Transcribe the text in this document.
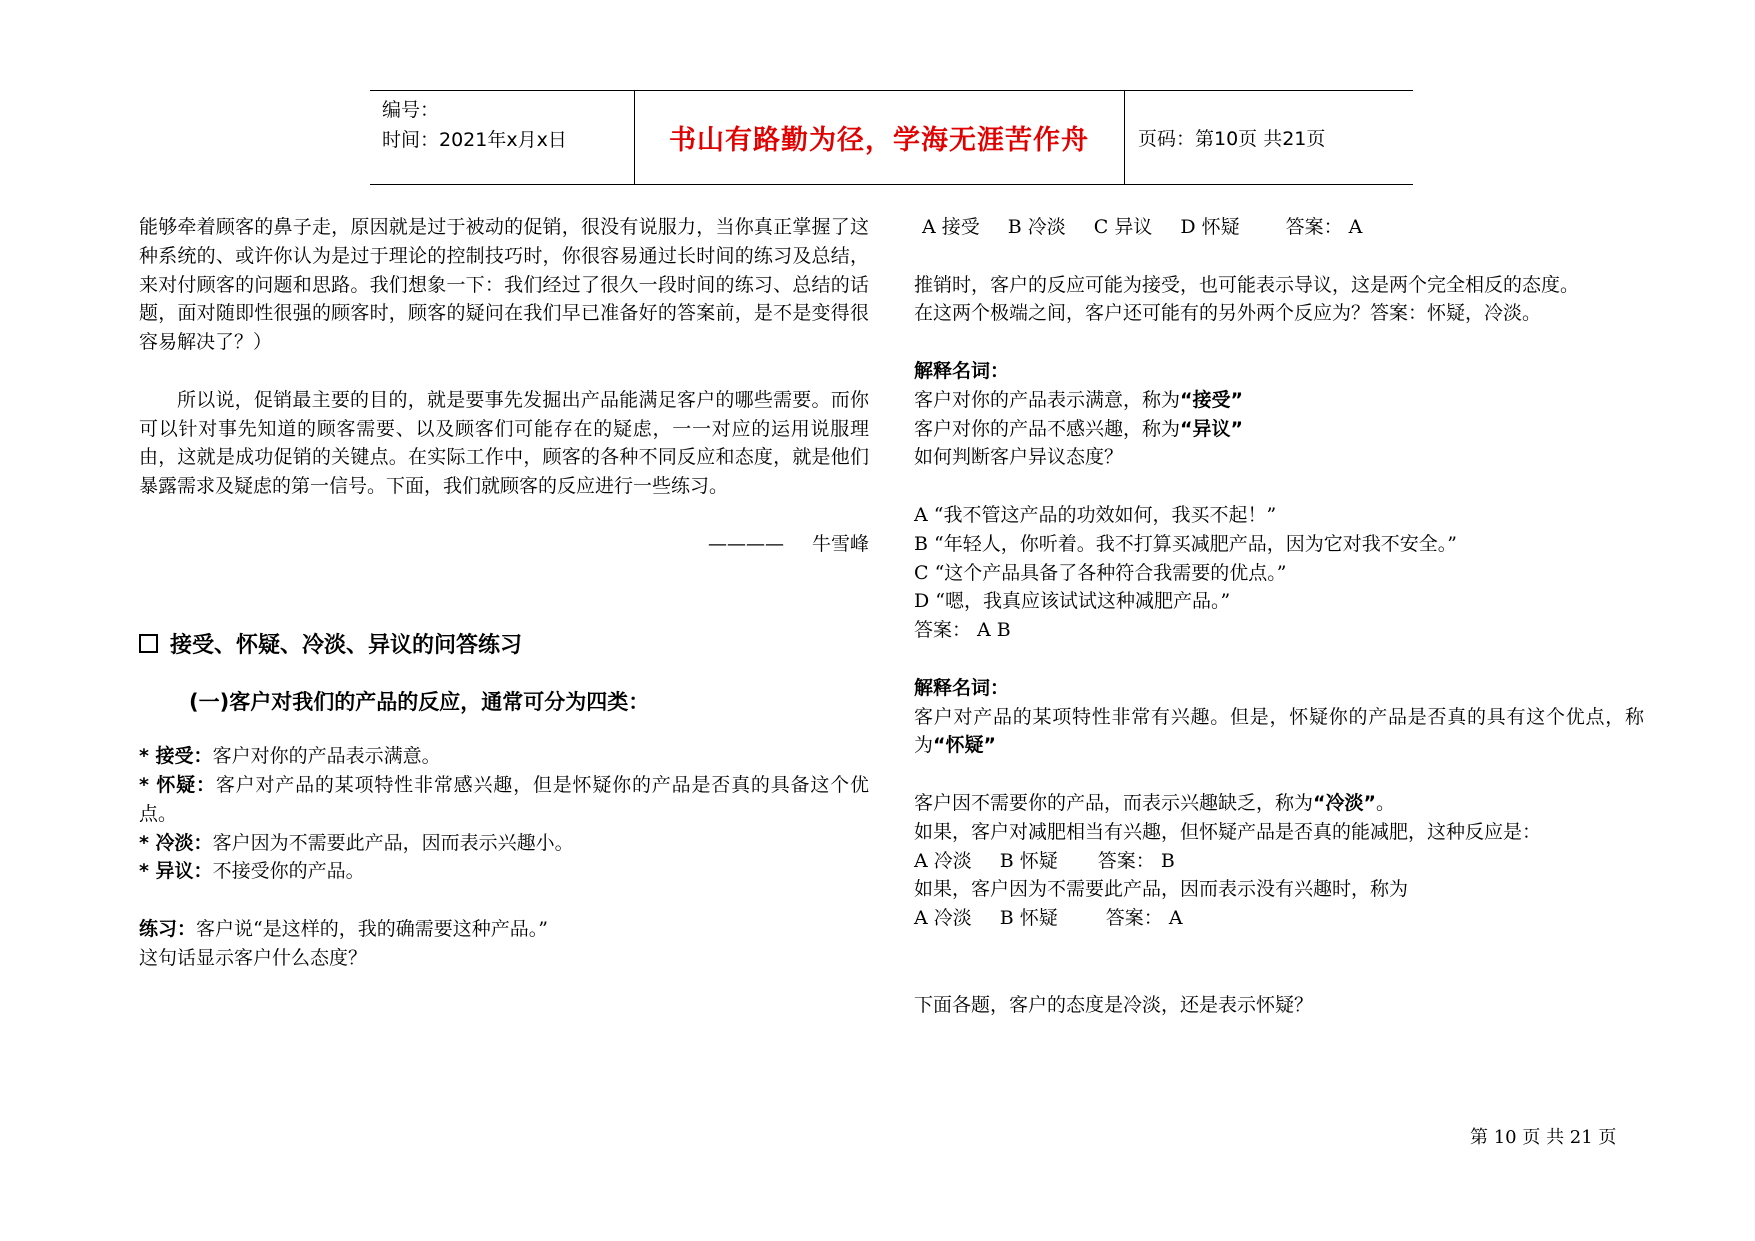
编号：
时间：2021年x月x日	书山有路勤为径，学海无涯苦作舟	页码：第10页 共21页

能够牵着顾客的鼻子走，原因就是过于被动的促销，很没有说服力，当你真正掌握了这种系统的、或许你认为是过于理论的控制技巧时，你很容易通过长时间的练习及总结，来对付顾客的问题和思路。我们想象一下：我们经过了很久一段时间的练习、总结的话题，面对随即性很强的顾客时，顾客的疑问在我们早已准备好的答案前，是不是变得很容易解决了？）

所以说，促销最主要的目的，就是要事先发掘出产品能满足客户的哪些需要。而你可以针对事先知道的顾客需要、以及顾客们可能存在的疑虑，一一对应的运用说服理由，这就是成功促销的关键点。在实际工作中，顾客的各种不同反应和态度，就是他们暴露需求及疑虑的第一信号。下面，我们就顾客的反应进行一些练习。

———— 牛雪峰

接受、怀疑、冷淡、异议的问答练习

(一)客户对我们的产品的反应，通常可分为四类：

* 接受：客户对你的产品表示满意。

* 怀疑：客户对产品的某项特性非常感兴趣，但是怀疑你的产品是否真的具备这个优点。

* 冷淡：客户因为不需要此产品，因而表示兴趣小。

* 异议：不接受你的产品。

练习：客户说“是这样的，我的确需要这种产品。”

这句话显示客户什么态度？

A 接受 B 冷淡 C 异议 D 怀疑 答案： A

推销时，客户的反应可能为接受，也可能表示导议，这是两个完全相反的态度。

在这两个极端之间，客户还可能有的另外两个反应为？答案：怀疑，冷淡。

解释名词：

客户对你的产品表示满意，称为“接受”

客户对你的产品不感兴趣，称为“异议”

如何判断客户异议态度？

A “我不管这产品的功效如何，我买不起！”

B “年轻人，你听着。我不打算买减肥产品，因为它对我不安全。”

C “这个产品具备了各种符合我需要的优点。”

D “嗯，我真应该试试这种减肥产品。”

答案： A B

解释名词：

客户对产品的某项特性非常有兴趣。但是，怀疑你的产品是否真的具有这个优点，称为“怀疑”

客户因不需要你的产品，而表示兴趣缺乏，称为“冷淡”。

如果，客户对减肥相当有兴趣，但怀疑产品是否真的能减肥，这种反应是：

A 冷淡 B 怀疑 答案： B

如果，客户因为不需要此产品，因而表示没有兴趣时，称为

A 冷淡 B 怀疑	答案： A

下面各题，客户的态度是冷淡，还是表示怀疑？

第 10 页 共 21 页
